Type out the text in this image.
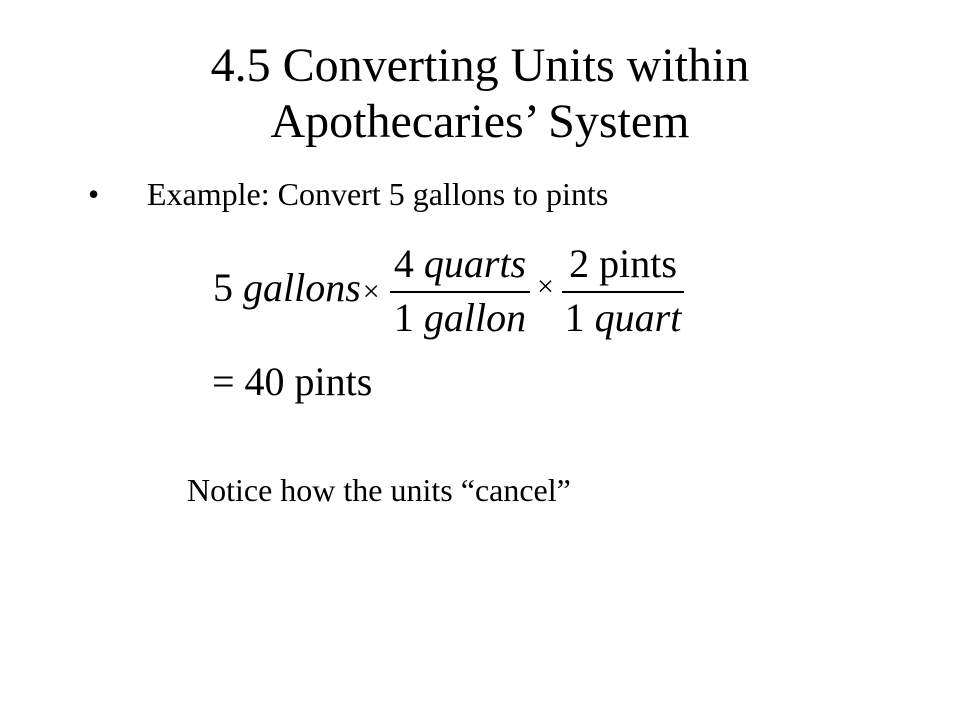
4.5 Converting Units within
Apothecaries’ System
• Example: Convert 5 gallons to pints
5 gallons×
4 quarts
1 gallon
×
2 pints
1 quart
= 40 pints
Notice how the units “cancel”
